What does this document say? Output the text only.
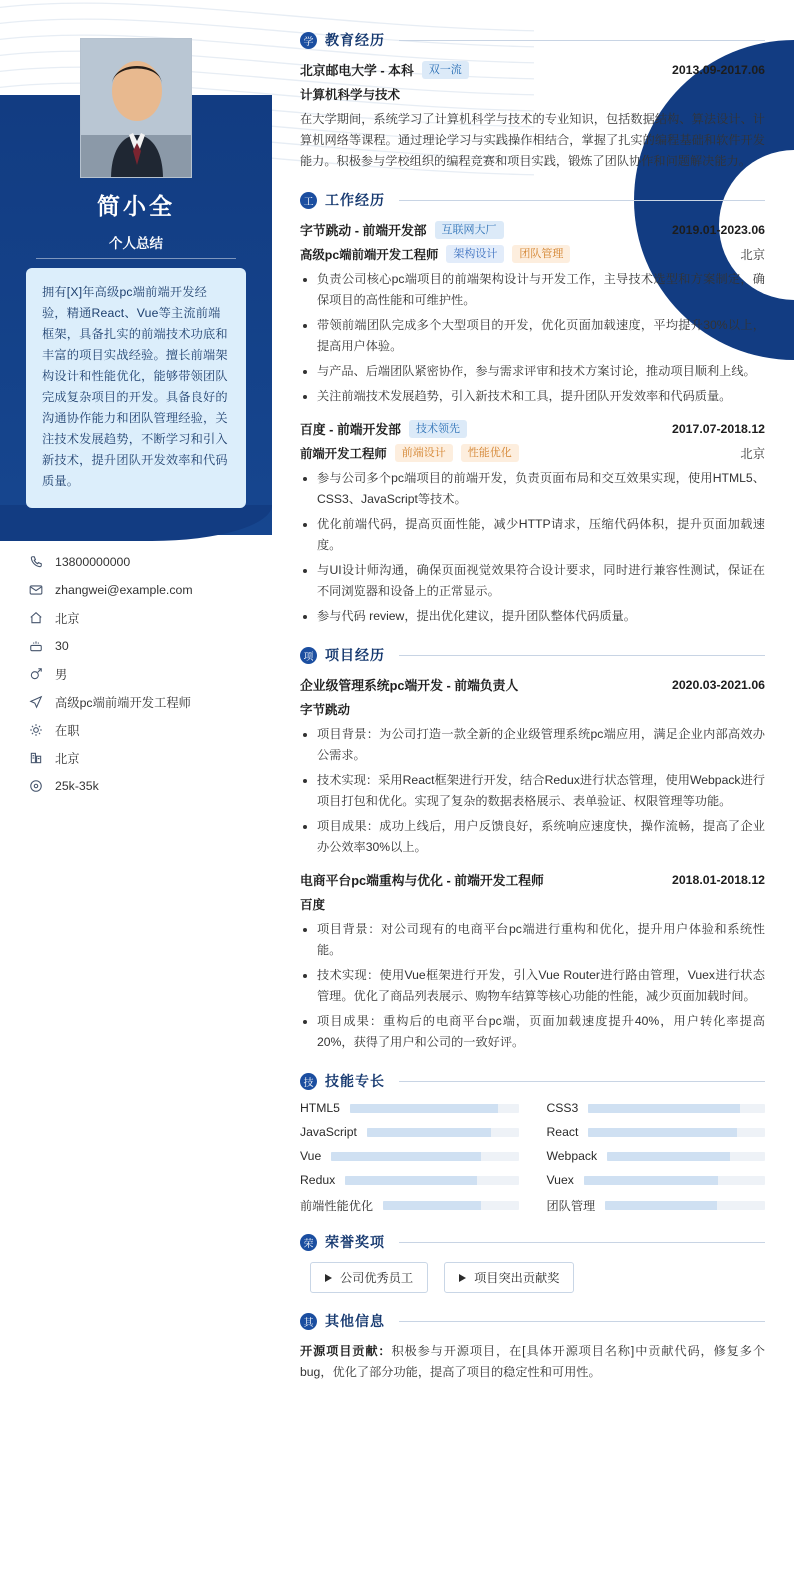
简小全
个人总结
拥有[X]年高级pc端前端开发经验，精通React、Vue等主流前端框架，具备扎实的前端技术功底和丰富的项目实战经验。擅长前端架构设计和性能优化，能够带领团队完成复杂项目的开发。具备良好的沟通协作能力和团队管理经验，关注技术发展趋势，不断学习和引入新技术，提升团队开发效率和代码质量。
13800000000
zhangwei@example.com
北京
30
男
高级pc端前端开发工程师
在职
北京
25k-35k
学 教育经历
北京邮电大学 - 本科	双一流	2013.09-2017.06
计算机科学与技术
在大学期间，系统学习了计算机科学与技术的专业知识，包括数据结构、算法设计、计算机网络等课程。通过理论学习与实践操作相结合，掌握了扎实的编程基础和软件开发能力。积极参与学校组织的编程竞赛和项目实践，锻炼了团队协作和问题解决能力。
工 工作经历
字节跳动 - 前端开发部	互联网大厂	2019.01-2023.06
高级pc端前端开发工程师	架构设计	团队管理	北京
• 负责公司核心pc端项目的前端架构设计与开发工作，主导技术选型和方案制定，确保项目的高性能和可维护性。
• 带领前端团队完成多个大型项目的开发，优化页面加载速度，平均提升30%以上，提高用户体验。
• 与产品、后端团队紧密协作，参与需求评审和技术方案讨论，推动项目顺利上线。
• 关注前端技术发展趋势，引入新技术和工具，提升团队开发效率和代码质量。
百度 - 前端开发部	技术领先	2017.07-2018.12
前端开发工程师	前端设计	性能优化	北京
• 参与公司多个pc端项目的前端开发，负责页面布局和交互效果实现，使用HTML5、CSS3、JavaScript等技术。
• 优化前端代码，提高页面性能，减少HTTP请求，压缩代码体积，提升页面加载速度。
• 与UI设计师沟通，确保页面视觉效果符合设计要求，同时进行兼容性测试，保证在不同浏览器和设备上的正常显示。
• 参与代码 review，提出优化建议，提升团队整体代码质量。
项 项目经历
企业级管理系统pc端开发 - 前端负责人	2020.03-2021.06
字节跳动
• 项目背景：为公司打造一款全新的企业级管理系统pc端应用，满足企业内部高效办公需求。
• 技术实现：采用React框架进行开发，结合Redux进行状态管理，使用Webpack进行项目打包和优化。实现了复杂的数据表格展示、表单验证、权限管理等功能。
• 项目成果：成功上线后，用户反馈良好，系统响应速度快，操作流畅，提高了企业办公效率30%以上。
电商平台pc端重构与优化 - 前端开发工程师	2018.01-2018.12
百度
• 项目背景：对公司现有的电商平台pc端进行重构和优化，提升用户体验和系统性能。
• 技术实现：使用Vue框架进行开发，引入Vue Router进行路由管理，Vuex进行状态管理。优化了商品列表展示、购物车结算等核心功能的性能，减少页面加载时间。
• 项目成果：重构后的电商平台pc端，页面加载速度提升40%，用户转化率提高20%，获得了用户和公司的一致好评。
技 技能专长
HTML5	CSS3
JavaScript	React
Vue	Webpack
Redux	Vuex
前端性能优化	团队管理
荣 荣誉奖项
公司优秀员工	项目突出贡献奖
其 其他信息
开源项目贡献：积极参与开源项目，在[具体开源项目名称]中贡献代码，修复多个bug，优化了部分功能，提高了项目的稳定性和可用性。
